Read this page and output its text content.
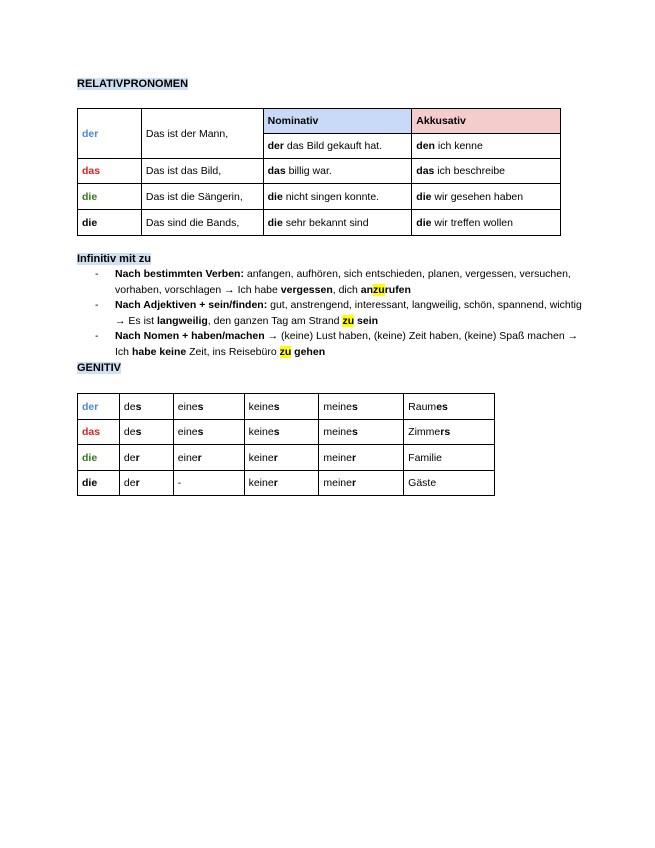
RELATIVPRONOMEN
der	Das ist der Mann,	Nominativ	Akkusativ
		der das Bild gekauft hat.	den ich kenne
das	Das ist das Bild,	das billig war.	das ich beschreibe
die	Das ist die Sängerin,	die nicht singen konnte.	die wir gesehen haben
die	Das sind die Bands,	die sehr bekannt sind	die wir treffen wollen
Infinitiv mit zu
- Nach bestimmten Verben: anfangen, aufhören, sich entschieden, planen, vergessen, versuchen, vorhaben, vorschlagen → Ich habe vergessen, dich anzurufen
- Nach Adjektiven + sein/finden: gut, anstrengend, interessant, langweilig, schön, spannend, wichtig → Es ist langweilig, den ganzen Tag am Strand zu sein
- Nach Nomen + haben/machen → (keine) Lust haben, (keine) Zeit haben, (keine) Spaß machen → Ich habe keine Zeit, ins Reisebüro zu gehen
GENITIV
der	des	eines	keines	meines	Raumes
das	des	eines	keines	meines	Zimmers
die	der	einer	keiner	meiner	Familie
die	der	-	keiner	meiner	Gäste
